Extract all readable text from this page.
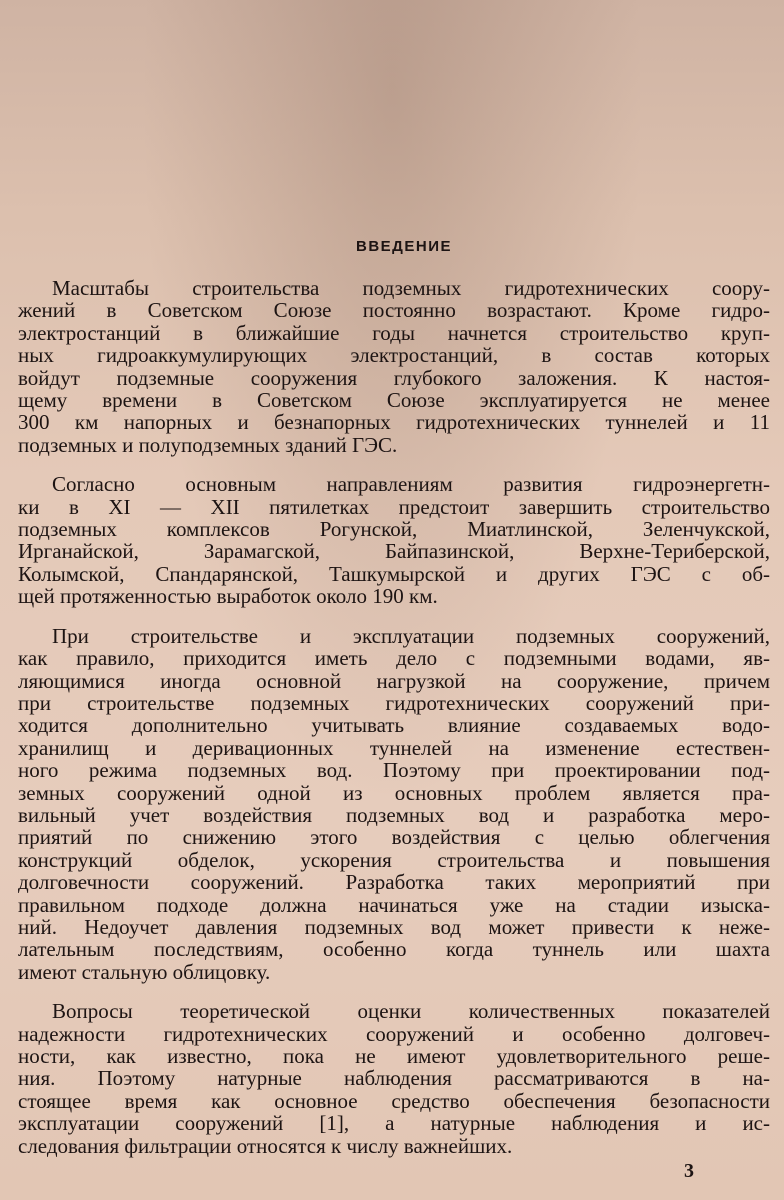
ВВЕДЕНИЕ
Масштабы строительства подземных гидротехнических соору-
жений в Советском Союзе постоянно возрастают. Кроме гидро-
электростанций в ближайшие годы начнется строительство круп-
ных гидроаккумулирующих электростанций, в состав которых
войдут подземные сооружения глубокого заложения. К настоя-
щему времени в Советском Союзе эксплуатируется не менее
300 км напорных и безнапорных гидротехнических туннелей и 11
подземных и полуподземных зданий ГЭС.
Согласно основным направлениям развития гидроэнергетн-
ки в XI — XII пятилетках предстоит завершить строительство
подземных комплексов Рогунской, Миатлинской, Зеленчукской,
Ирганайской, Зарамагской, Байпазинской, Верхне-Териберской,
Колымской, Спандарянской, Ташкумырской и других ГЭС с об-
щей протяженностью выработок около 190 км.
При строительстве и эксплуатации подземных сооружений,
как правило, приходится иметь дело с подземными водами, яв-
ляющимися иногда основной нагрузкой на сооружение, причем
при строительстве подземных гидротехнических сооружений при-
ходится дополнительно учитывать влияние создаваемых водо-
хранилищ и деривационных туннелей на изменение естествен-
ного режима подземных вод. Поэтому при проектировании под-
земных сооружений одной из основных проблем является пра-
вильный учет воздействия подземных вод и разработка меро-
приятий по снижению этого воздействия с целью облегчения
конструкций обделок, ускорения строительства и повышения
долговечности сооружений. Разработка таких мероприятий при
правильном подходе должна начинаться уже на стадии изыска-
ний. Недоучет давления подземных вод может привести к неже-
лательным последствиям, особенно когда туннель или шахта
имеют стальную облицовку.
Вопросы теоретической оценки количественных показателей
надежности гидротехнических сооружений и особенно долговеч-
ности, как известно, пока не имеют удовлетворительного реше-
ния. Поэтому натурные наблюдения рассматриваются в на-
стоящее время как основное средство обеспечения безопасности
эксплуатации сооружений [1], а натурные наблюдения и ис-
следования фильтрации относятся к числу важнейших.
3
